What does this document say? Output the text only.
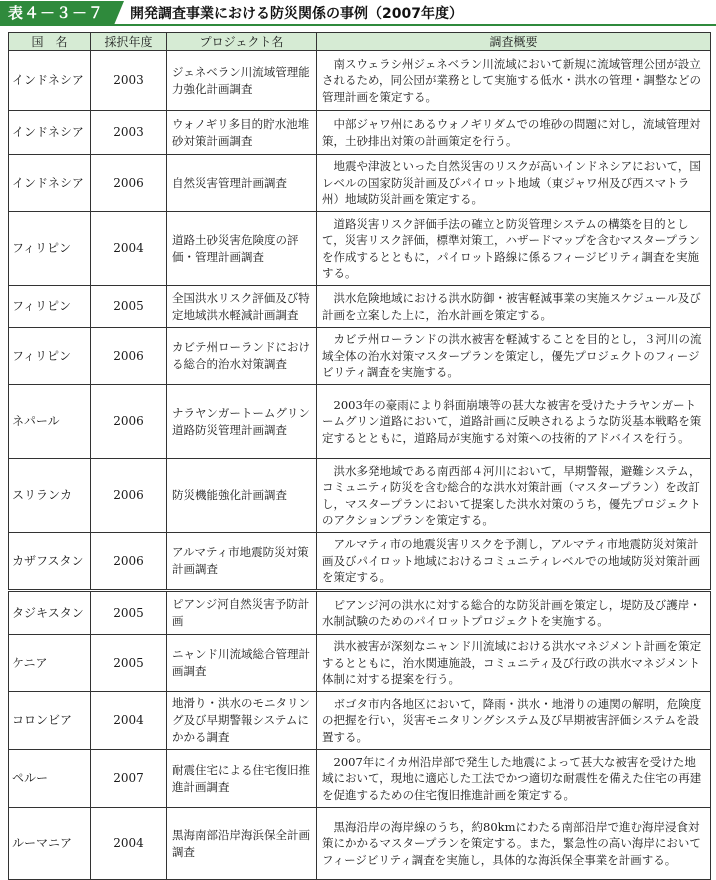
表４－３－７	開発調査事業における防災関係の事例（2007年度）
国　名	採択年度	プロジェクト名	調査概要
インドネシア	2003	ジェネベラン川流域管理能力強化計画調査	南スウェラシ州ジェネベラン川流域において新規に流域管理公団が設立されるため，同公団が業務として実施する低水・洪水の管理・調整などの管理計画を策定する。
インドネシア	2003	ウォノギリ多目的貯水池堆砂対策計画調査	中部ジャワ州にあるウォノギリダムでの堆砂の問題に対し，流域管理対策，土砂排出対策の計画策定を行う。
インドネシア	2006	自然災害管理計画調査	地震や津波といった自然災害のリスクが高いインドネシアにおいて，国レベルの国家防災計画及びパイロット地域（東ジャワ州及び西スマトラ州）地域防災計画を策定する。
フィリピン	2004	道路土砂災害危険度の評価・管理計画調査	道路災害リスク評価手法の確立と防災管理システムの構築を目的として，災害リスク評価，標準対策工，ハザードマップを含むマスタープランを作成するとともに，パイロット路線に係るフィージビリティ調査を実施する。
フィリピン	2005	全国洪水リスク評価及び特定地域洪水軽減計画調査	洪水危険地域における洪水防御・被害軽減事業の実施スケジュール及び計画を立案した上に，治水計画を策定する。
フィリピン	2006	カビテ州ローランドにおける総合的治水対策調査	カビテ州ローランドの洪水被害を軽減することを目的とし，３河川の流域全体の治水対策マスタープランを策定し，優先プロジェクトのフィージビリティ調査を実施する。
ネパール	2006	ナラヤンガートームグリン道路防災管理計画調査	2003年の豪雨により斜面崩壊等の甚大な被害を受けたナラヤンガートームグリン道路において，道路計画に反映されるような防災基本戦略を策定するとともに，道路局が実施する対策への技術的アドバイスを行う。
スリランカ	2006	防災機能強化計画調査	洪水多発地域である南西部４河川において，早期警報，避難システム，コミュニティ防災を含む総合的な洪水対策計画（マスタープラン）を改訂し，マスタープランにおいて提案した洪水対策のうち，優先プロジェクトのアクションプランを策定する。
カザフスタン	2006	アルマティ市地震防災対策計画調査	アルマティ市の地震災害リスクを予測し，アルマティ市地震防災対策計画及びパイロット地域におけるコミュニティレベルでの地域防災対策計画を策定する。
タジキスタン	2005	ピアンジ河自然災害予防計画	ピアンジ河の洪水に対する総合的な防災計画を策定し，堤防及び護岸・水制試験のためのパイロットプロジェクトを実施する。
ケニア	2005	ニャンド川流域総合管理計画調査	洪水被害が深刻なニャンド川流域における洪水マネジメント計画を策定するとともに，治水関連施設，コミュニティ及び行政の洪水マネジメント体制に対する提案を行う。
コロンビア	2004	地滑り・洪水のモニタリング及び早期警報システムにかかる調査	ボゴタ市内各地区において，降雨・洪水・地滑りの連関の解明，危険度の把握を行い，災害モニタリングシステム及び早期被害評価システムを設置する。
ペルー	2007	耐震住宅による住宅復旧推進計画調査	2007年にイカ州沿岸部で発生した地震によって甚大な被害を受けた地域において，現地に適応した工法でかつ適切な耐震性を備えた住宅の再建を促進するための住宅復旧推進計画を策定する。
ルーマニア	2004	黒海南部沿岸海浜保全計画調査	黒海沿岸の海岸線のうち，約80kmにわたる南部沿岸で進む海岸浸食対策にかかるマスタープランを策定する。また，緊急性の高い海岸においてフィージビリティ調査を実施し，具体的な海浜保全事業を計画する。
